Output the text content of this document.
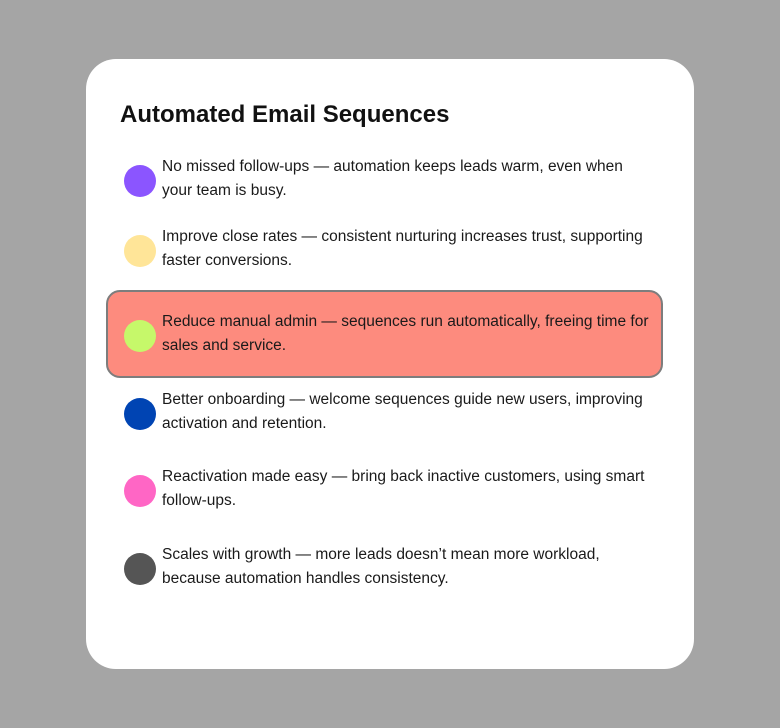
Automated Email Sequences
No missed follow-ups — automation keeps leads warm, even when your team is busy.
Improve close rates — consistent nurturing increases trust, supporting faster conversions.
Reduce manual admin — sequences run automatically, freeing time for sales and service.
Better onboarding — welcome sequences guide new users, improving activation and retention.
Reactivation made easy — bring back inactive customers, using smart follow-ups.
Scales with growth — more leads doesn’t mean more workload, because automation handles consistency.
